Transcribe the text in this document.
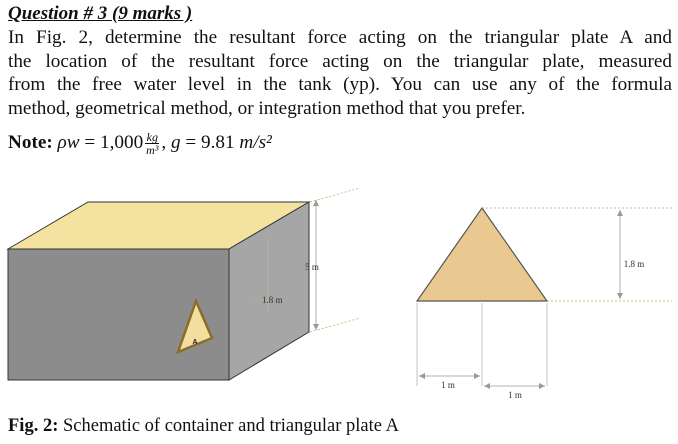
Question # 3 (9 marks )
In Fig. 2, determine the resultant force acting on the triangular plate A and
the location of the resultant force acting on the triangular plate, measured
from the free water level in the tank (yp). You can use any of the formula
method, geometrical method, or integration method that you prefer.
Note: $\rho w = 1,000 \frac{kg}{\text{m³}}$ , g = 9.81 m/s²
A
1.8 m
5 m	1.8 m
1 m
1 m
Fig. 2: Schematic of container and triangular plate A
